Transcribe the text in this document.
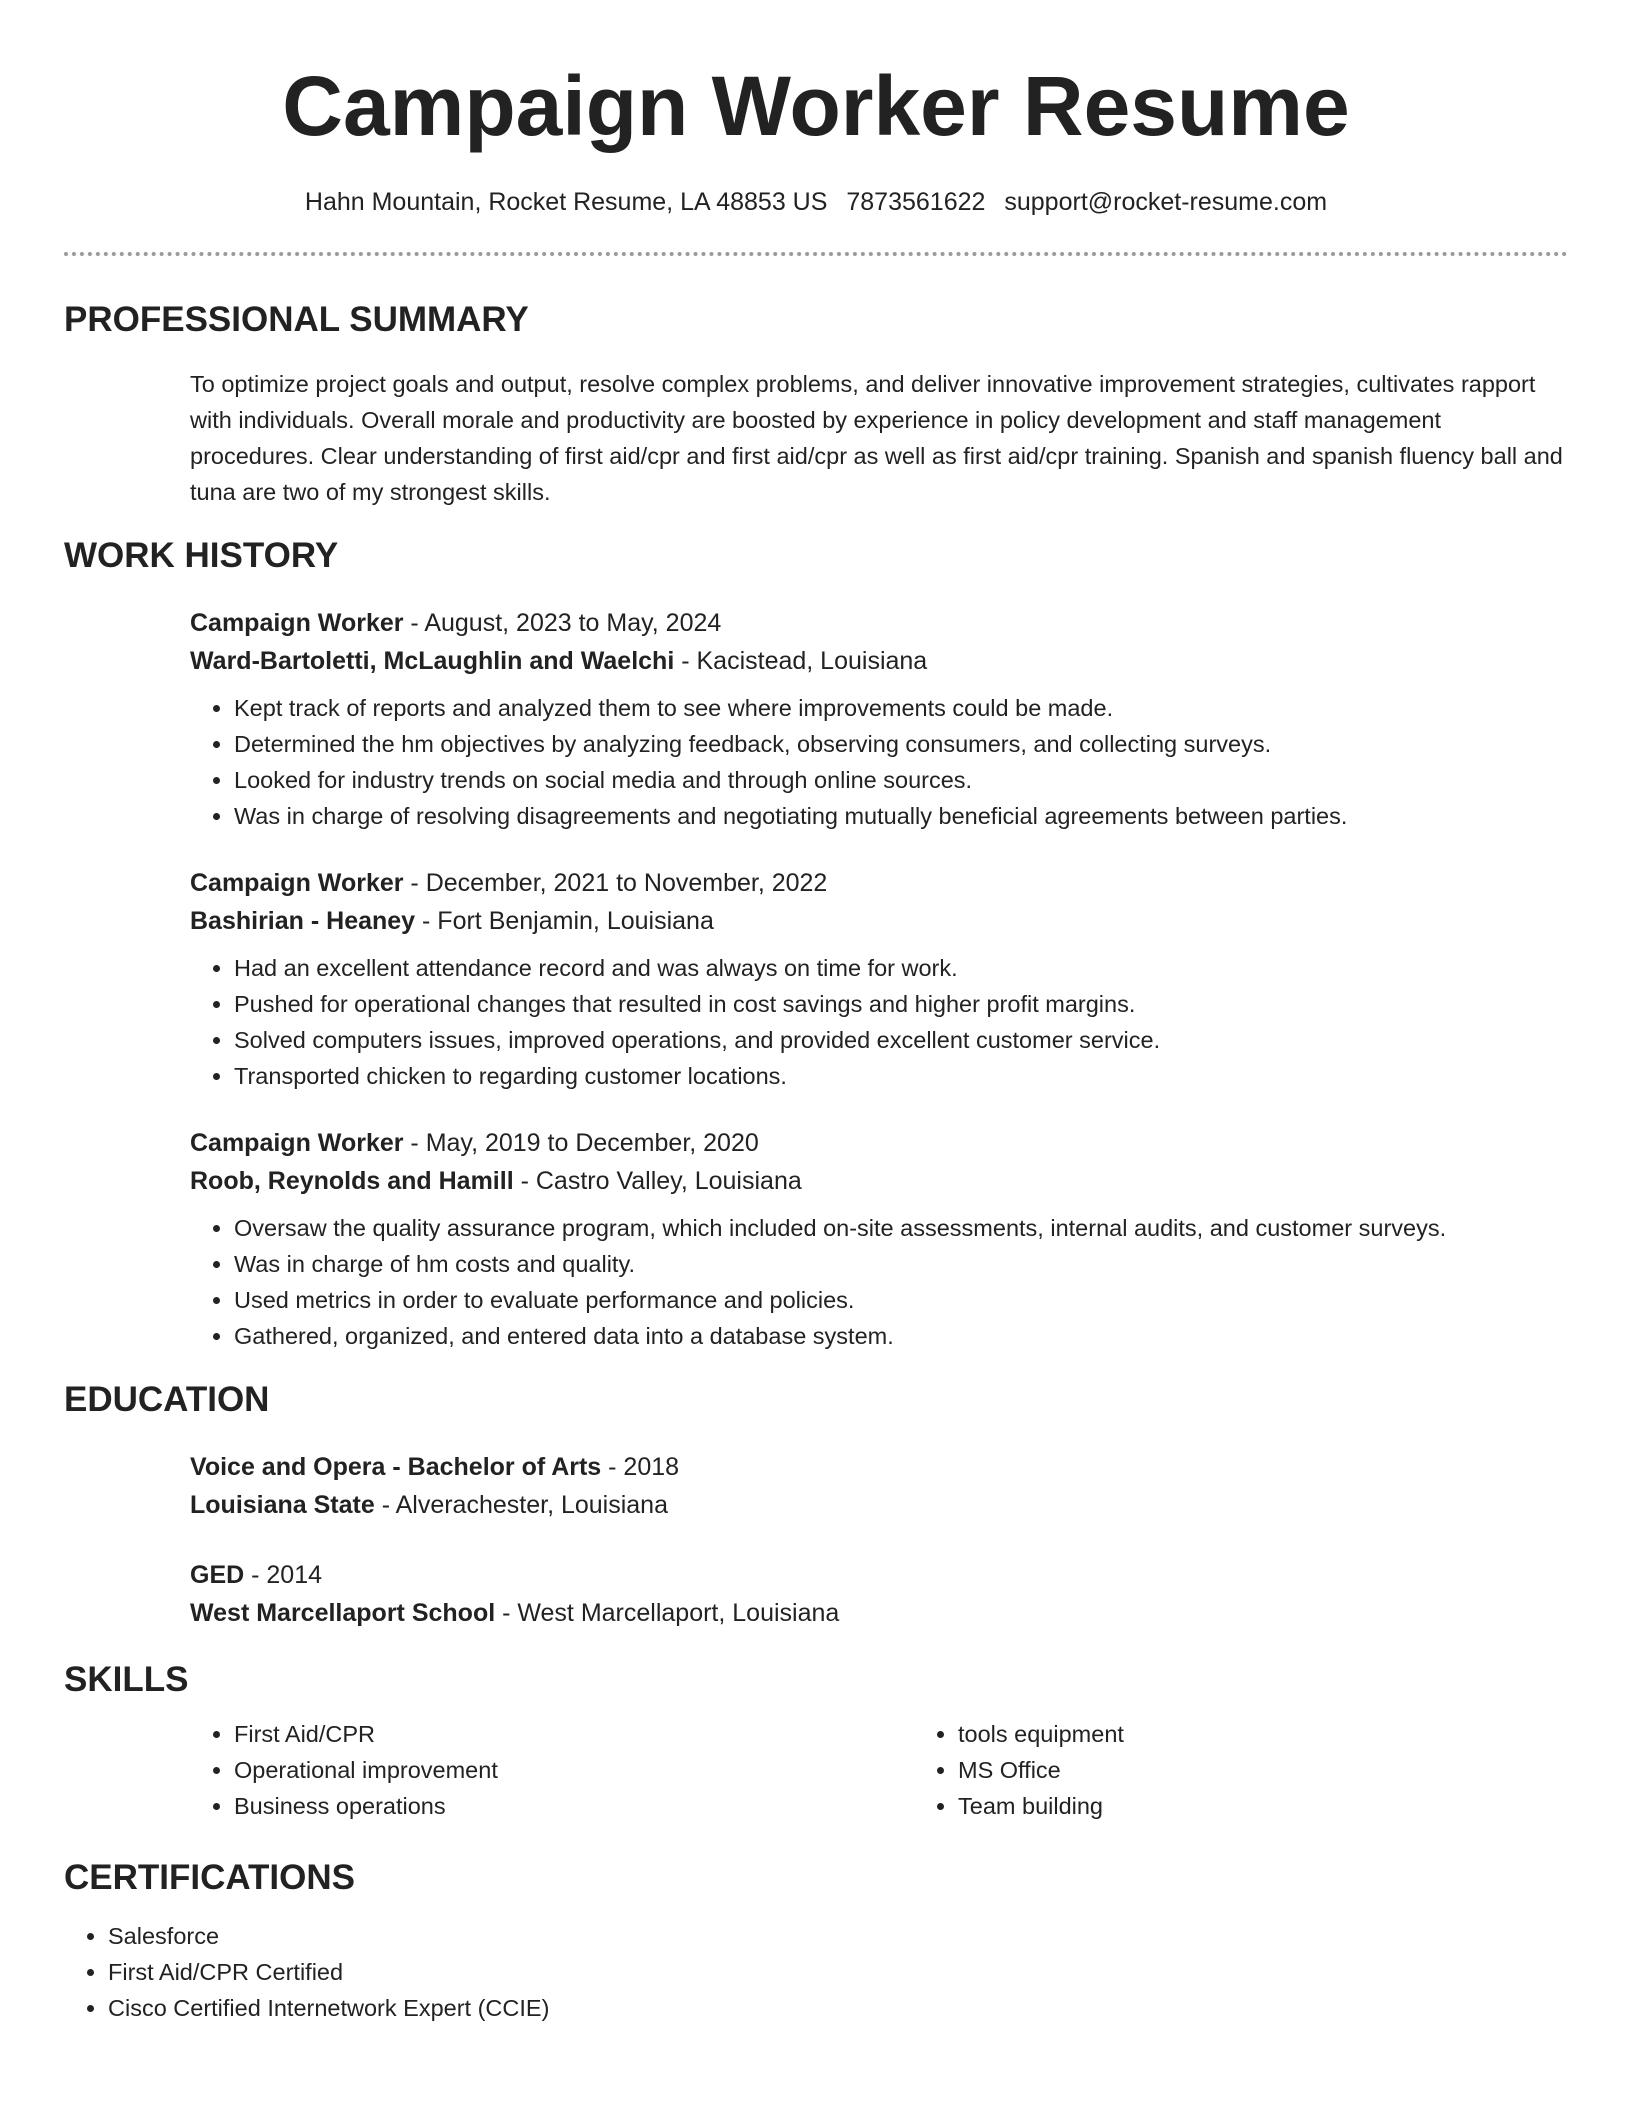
Campaign Worker Resume
Hahn Mountain, Rocket Resume, LA 48853 US 7873561622 support@rocket-resume.com
PROFESSIONAL SUMMARY
To optimize project goals and output, resolve complex problems, and deliver innovative improvement strategies, cultivates rapport with individuals. Overall morale and productivity are boosted by experience in policy development and staff management procedures. Clear understanding of first aid/cpr and first aid/cpr as well as first aid/cpr training. Spanish and spanish fluency ball and tuna are two of my strongest skills.
WORK HISTORY
Campaign Worker - August, 2023 to May, 2024
Ward-Bartoletti, McLaughlin and Waelchi - Kacistead, Louisiana
• Kept track of reports and analyzed them to see where improvements could be made.
• Determined the hm objectives by analyzing feedback, observing consumers, and collecting surveys.
• Looked for industry trends on social media and through online sources.
• Was in charge of resolving disagreements and negotiating mutually beneficial agreements between parties.
Campaign Worker - December, 2021 to November, 2022
Bashirian - Heaney - Fort Benjamin, Louisiana
• Had an excellent attendance record and was always on time for work.
• Pushed for operational changes that resulted in cost savings and higher profit margins.
• Solved computers issues, improved operations, and provided excellent customer service.
• Transported chicken to regarding customer locations.
Campaign Worker - May, 2019 to December, 2020
Roob, Reynolds and Hamill - Castro Valley, Louisiana
• Oversaw the quality assurance program, which included on-site assessments, internal audits, and customer surveys.
• Was in charge of hm costs and quality.
• Used metrics in order to evaluate performance and policies.
• Gathered, organized, and entered data into a database system.
EDUCATION
Voice and Opera - Bachelor of Arts - 2018
Louisiana State - Alverachester, Louisiana
GED - 2014
West Marcellaport School - West Marcellaport, Louisiana
SKILLS
• First Aid/CPR
• Operational improvement
• Business operations
• tools equipment
• MS Office
• Team building
CERTIFICATIONS
• Salesforce
• First Aid/CPR Certified
• Cisco Certified Internetwork Expert (CCIE)
